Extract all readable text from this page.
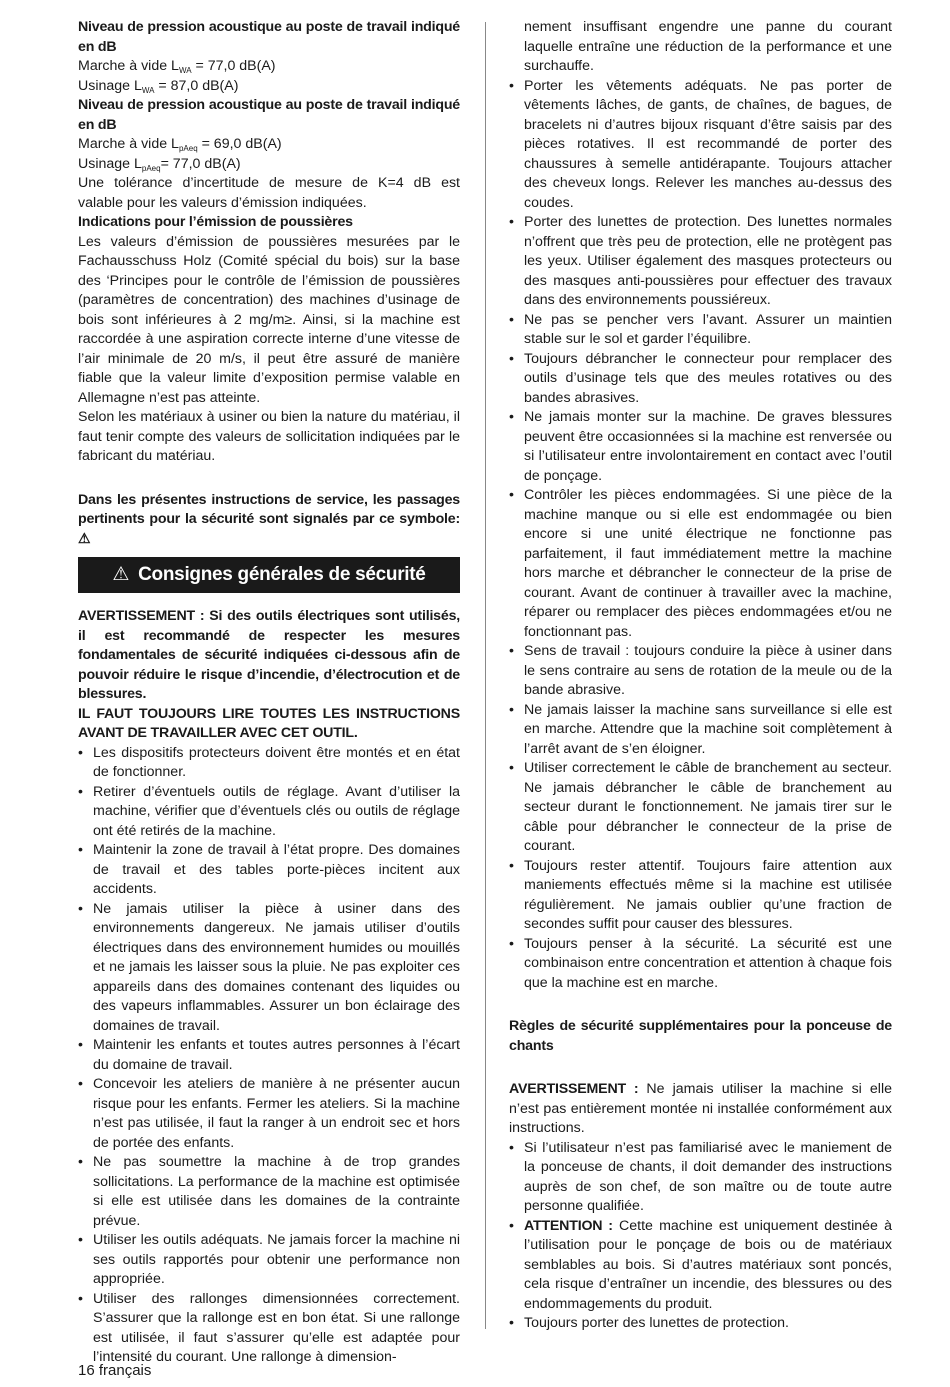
Niveau de pression acoustique au poste de travail indiqué en dB

Marche à vide $L_{WA} = 77,0$ dB(A)

Usinage $L_{WA} = 87,0$ dB(A)

Niveau de pression acoustique au poste de travail indiqué en dB

Marche à vide $L_{pAeq} = 69,0$ dB(A)

Usinage $L_{pAeq}= 77,0$ dB(A)

Une tolérance d’incertitude de mesure de K=4 dB est valable pour les valeurs d’émission indiquées.

Indications pour l’émission de poussières

Les valeurs d’émission de poussières mesurées par le Fachausschuss Holz (Comité spécial du bois) sur la base des ‘Principes pour le contrôle de l’émission de poussières (paramètres de concentration) des machines d’usinage de bois sont inférieures à 2 mg/m≥. Ainsi, si la machine est raccordée à une aspiration correcte interne d’une vitesse de l’air minimale de 20 m/s, il peut être assuré de manière fiable que la valeur limite d’exposition permise valable en Allemagne n’est pas atteinte.

Selon les matériaux à usiner ou bien la nature du matériau, il faut tenir compte des valeurs de sollicitation indiquées par le fabricant du matériau.

Dans les présentes instructions de service, les passages pertinents pour la sécurité sont signalés par ce symbole: ⚠

⚠ Consignes générales de sécurité

AVERTISSEMENT : Si des outils électriques sont utilisés, il est recommandé de respecter les mesures fondamentales de sécurité indiquées ci-dessous afin de pouvoir réduire le risque d’incendie, d’électrocution et de blessures.

IL FAUT TOUJOURS LIRE TOUTES LES INSTRUCTIONS AVANT DE TRAVAILLER AVEC CET OUTIL.

• Les dispositifs protecteurs doivent être montés et en état de fonctionner.
• Retirer d’éventuels outils de réglage. Avant d’utiliser la machine, vérifier que d’éventuels clés ou outils de réglage ont été retirés de la machine.
• Maintenir la zone de travail à l’état propre. Des domaines de travail et des tables porte-pièces incitent aux accidents.
• Ne jamais utiliser la pièce à usiner dans des environnements dangereux. Ne jamais utiliser d’outils électriques dans des environnement humides ou mouillés et ne jamais les laisser sous la pluie. Ne pas exploiter ces appareils dans des domaines contenant des liquides ou des vapeurs inflammables. Assurer un bon éclairage des domaines de travail.
• Maintenir les enfants et toutes autres personnes à l’écart du domaine de travail.
• Concevoir les ateliers de manière à ne présenter aucun risque pour les enfants. Fermer les ateliers. Si la machine n’est pas utilisée, il faut la ranger à un endroit sec et hors de portée des enfants.
• Ne pas soumettre la machine à de trop grandes sollicitations. La performance de la machine est optimisée si elle est utilisée dans les domaines de la contrainte prévue.
• Utiliser les outils adéquats. Ne jamais forcer la machine ni ses outils rapportés pour obtenir une performance non appropriée.
• Utiliser des rallonges dimensionnées correctement. S’assurer que la rallonge est en bon état. Si une rallonge est utilisée, il faut s’assurer qu’elle est adaptée pour l’intensité du courant. Une rallonge à dimension-

nement insuffisant engendre une panne du courant laquelle entraîne une réduction de la performance et une surchauffe.

• Porter les vêtements adéquats. Ne pas porter de vêtements lâches, de gants, de chaînes, de bagues, de bracelets ni d’autres bijoux risquant d’être saisis par des pièces rotatives. Il est recommandé de porter des chaussures à semelle antidérapante. Toujours attacher des cheveux longs. Relever les manches au-dessus des coudes.
• Porter des lunettes de protection. Des lunettes normales n’offrent que très peu de protection, elle ne protègent pas les yeux. Utiliser également des masques protecteurs ou des masques anti-poussières pour effectuer des travaux dans des environnements poussiéreux.
• Ne pas se pencher vers l’avant. Assurer un maintien stable sur le sol et garder l’équilibre.
• Toujours débrancher le connecteur pour remplacer des outils d’usinage tels que des meules rotatives ou des bandes abrasives.
• Ne jamais monter sur la machine. De graves blessures peuvent être occasionnées si la machine est renversée ou si l’utilisateur entre involontairement en contact avec l’outil de ponçage.
• Contrôler les pièces endommagées. Si une pièce de la machine manque ou si elle est endommagée ou bien encore si une unité électrique ne fonctionne pas parfaitement, il faut immédiatement mettre la machine hors marche et débrancher le connecteur de la prise de courant. Avant de continuer à travailler avec la machine, réparer ou remplacer des pièces endommagées et/ou ne fonctionnant pas.
• Sens de travail : toujours conduire la pièce à usiner dans le sens contraire au sens de rotation de la meule ou de la bande abrasive.
• Ne jamais laisser la machine sans surveillance si elle est en marche. Attendre que la machine soit complètement à l’arrêt avant de s’en éloigner.
• Utiliser correctement le câble de branchement au secteur. Ne jamais débrancher le câble de branchement au secteur durant le fonctionnement. Ne jamais tirer sur le câble pour débrancher le connecteur de la prise de courant.
• Toujours rester attentif. Toujours faire attention aux maniements effectués même si la machine est utilisée régulièrement. Ne jamais oublier qu’une fraction de secondes suffit pour causer des blessures.
• Toujours penser à la sécurité. La sécurité est une combinaison entre concentration et attention à chaque fois que la machine est en marche.

Règles de sécurité supplémentaires pour la ponceuse de chants

AVERTISSEMENT : Ne jamais utiliser la machine si elle n’est pas entièrement montée ni installée conformément aux instructions.

• Si l’utilisateur n’est pas familiarisé avec le maniement de la ponceuse de chants, il doit demander des instructions auprès de son chef, de son maître ou de toute autre personne qualifiée.
• ATTENTION : Cette machine est uniquement destinée à l’utilisation pour le ponçage de bois ou de matériaux semblables au bois. Si d’autres matériaux sont poncés, cela risque d’entraîner un incendie, des blessures ou des endommagements du produit.
• Toujours porter des lunettes de protection.
16 français
